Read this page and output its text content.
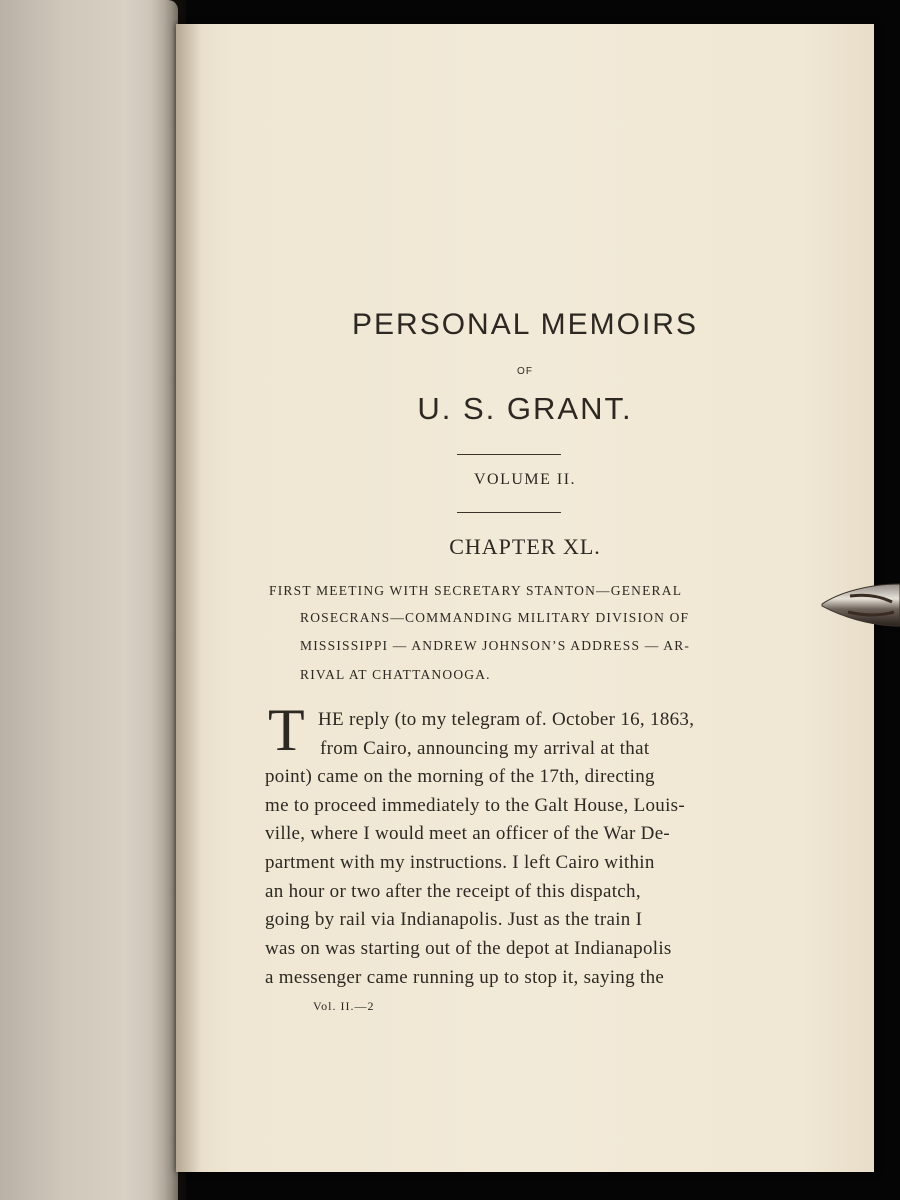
PERSONAL MEMOIRS
OF
U. S. GRANT.
VOLUME II.
CHAPTER XL.
FIRST MEETING WITH SECRETARY STANTON—GENERAL
ROSECRANS—COMMANDING MILITARY DIVISION OF
MISSISSIPPI — ANDREW JOHNSON’S ADDRESS — AR-
RIVAL AT CHATTANOOGA.
T HE reply (to my telegram of. October 16, 1863,
from Cairo, announcing my arrival at that
point) came on the morning of the 17th, directing
me to proceed immediately to the Galt House, Louis-
ville, where I would meet an officer of the War De-
partment with my instructions. I left Cairo within
an hour or two after the receipt of this dispatch,
going by rail via Indianapolis. Just as the train I
was on was starting out of the depot at Indianapolis
a messenger came running up to stop it, saying the
Vol. II.—2
